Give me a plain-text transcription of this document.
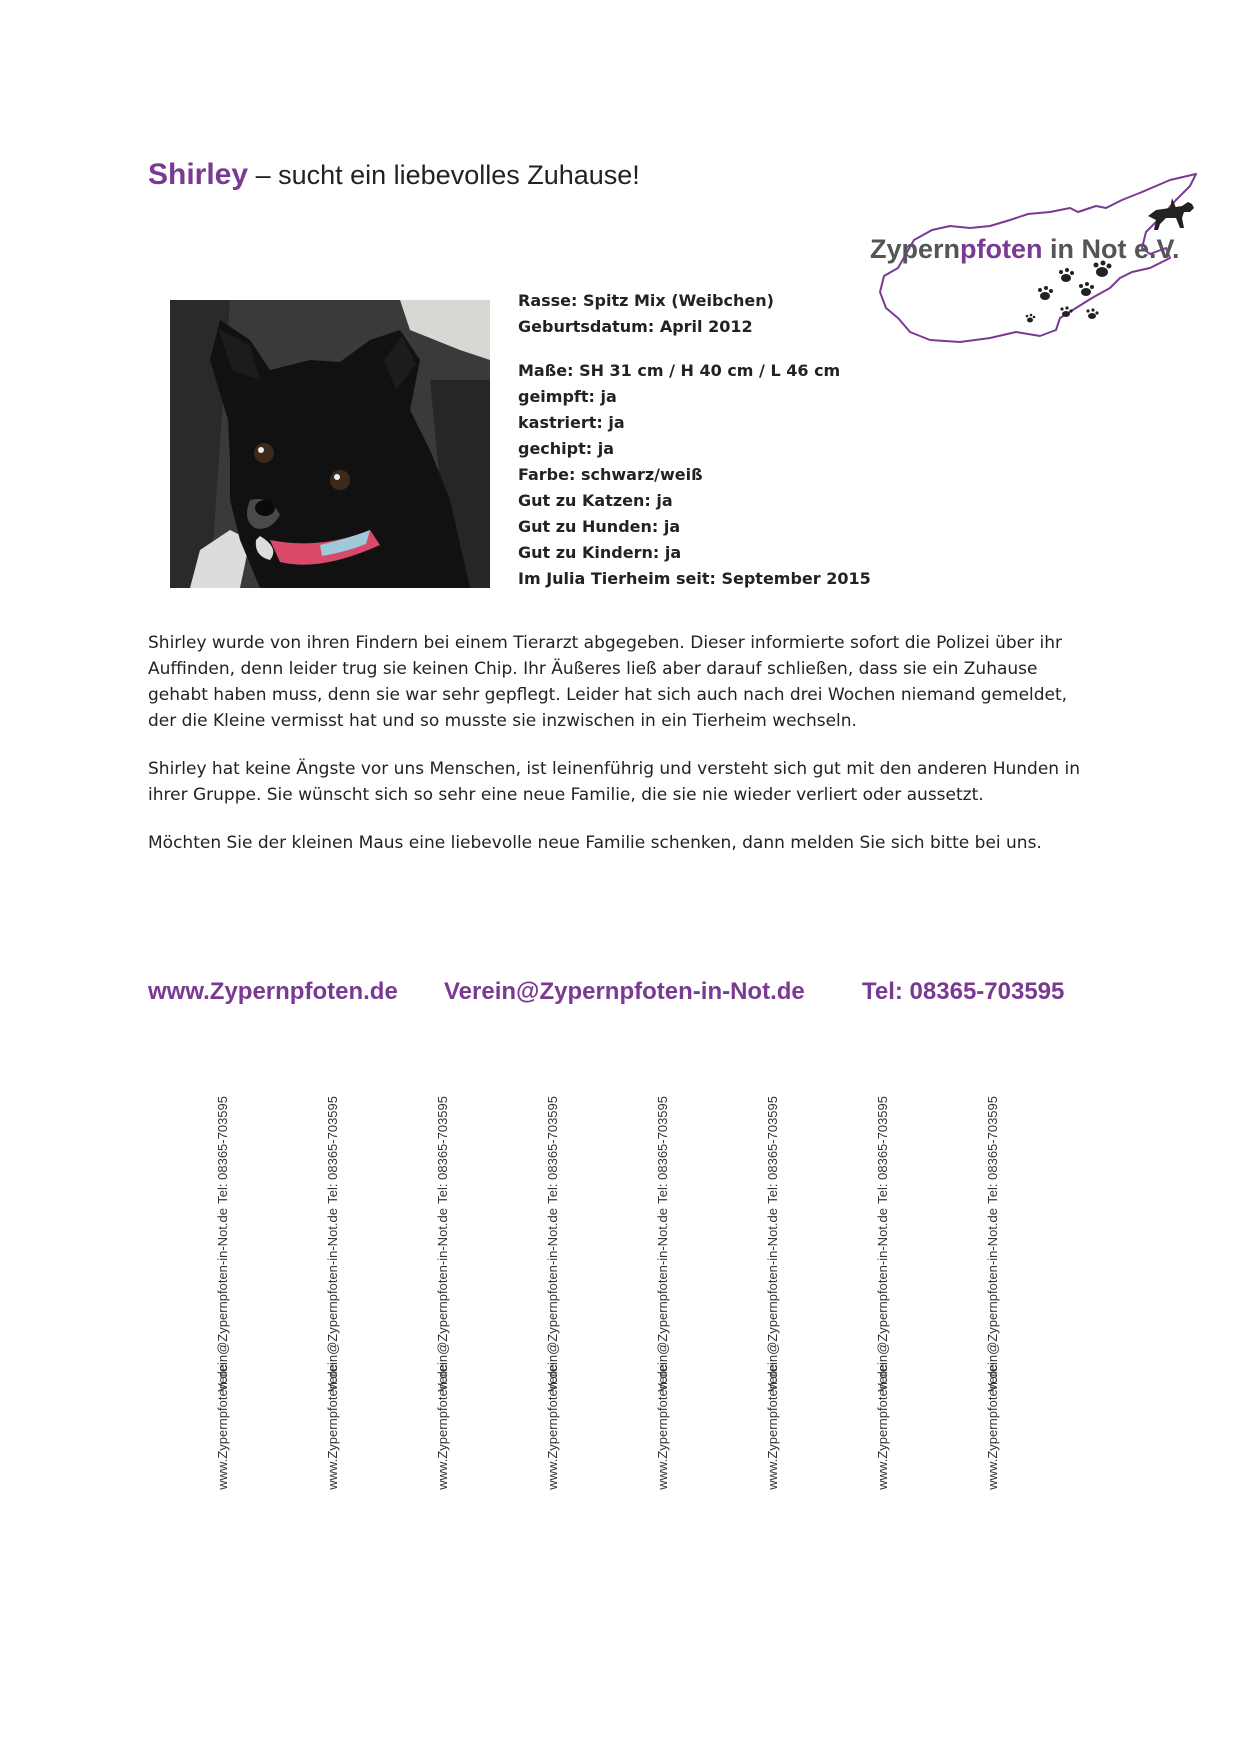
Shirley – sucht ein liebevolles Zuhause!
Zypernpfoten in Not e.V.
Rasse: Spitz Mix (Weibchen)
Geburtsdatum: April 2012
Maße: SH 31 cm / H 40 cm / L 46 cm
geimpft: ja
kastriert: ja
gechipt: ja
Farbe: schwarz/weiß
Gut zu Katzen: ja
Gut zu Hunden: ja
Gut zu Kindern: ja
Im Julia Tierheim seit: September 2015

Shirley wurde von ihren Findern bei einem Tierarzt abgegeben. Dieser informierte sofort die Polizei über ihr Auffinden, denn leider trug sie keinen Chip. Ihr Äußeres ließ aber darauf schließen, dass sie ein Zuhause gehabt haben muss, denn sie war sehr gepflegt. Leider hat sich auch nach drei Wochen niemand gemeldet, der die Kleine vermisst hat und so musste sie inzwischen in ein Tierheim wechseln.

Shirley hat keine Ängste vor uns Menschen, ist leinenführig und versteht sich gut mit den anderen Hunden in ihrer Gruppe. Sie wünscht sich so sehr eine neue Familie, die sie nie wieder verliert oder aussetzt.

Möchten Sie der kleinen Maus eine liebevolle neue Familie schenken, dann melden Sie sich bitte bei uns.

www.Zypernpfoten.de Verein@Zypernpfoten-in-Not.de Tel: 08365-703595
www.Zypernpfoten.de
Verein@Zypernpfoten-in-Not.de
Tel: 08365-703595
www.Zypernpfoten.de
Verein@Zypernpfoten-in-Not.de
Tel: 08365-703595
www.Zypernpfoten.de
Verein@Zypernpfoten-in-Not.de
Tel: 08365-703595
www.Zypernpfoten.de
Verein@Zypernpfoten-in-Not.de
Tel: 08365-703595
www.Zypernpfoten.de
Verein@Zypernpfoten-in-Not.de
Tel: 08365-703595
www.Zypernpfoten.de
Verein@Zypernpfoten-in-Not.de
Tel: 08365-703595
www.Zypernpfoten.de
Verein@Zypernpfoten-in-Not.de
Tel: 08365-703595
www.Zypernpfoten.de
Verein@Zypernpfoten-in-Not.de
Tel: 08365-703595
